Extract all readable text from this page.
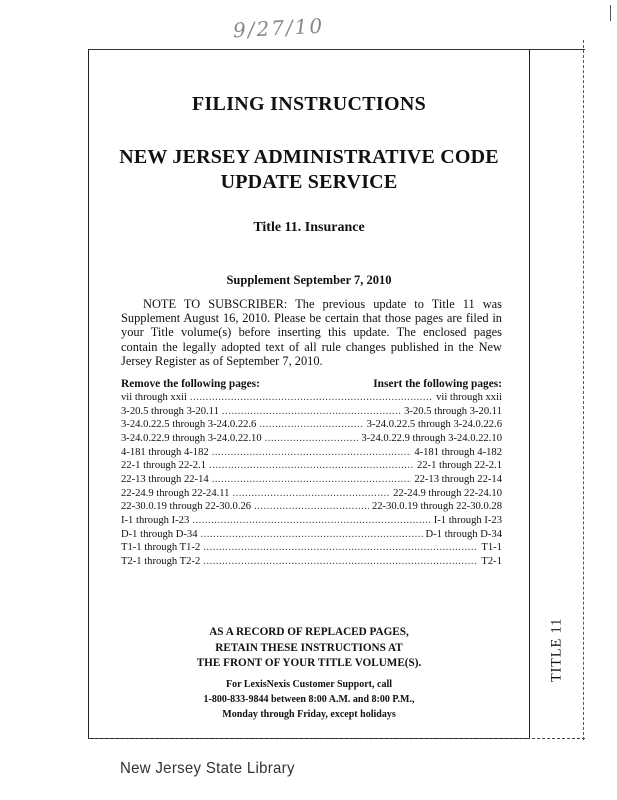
9/27/10
FILING INSTRUCTIONS
NEW JERSEY ADMINISTRATIVE CODE
UPDATE SERVICE
Title 11. Insurance
Supplement September 7, 2010
NOTE TO SUBSCRIBER: The previous update to Title 11 was Supplement August 16, 2010. Please be certain that those pages are filed in your Title volume(s) before inserting this update. The enclosed pages contain the legally adopted text of all rule changes published in the New Jersey Register as of September 7, 2010.
Remove the following pages:	Insert the following pages:
vii through xxii .....	vii through xxii
3-20.5 through 3-20.11 .....	3-20.5 through 3-20.11
3-24.0.22.5 through 3-24.0.22.6 .....	3-24.0.22.5 through 3-24.0.22.6
3-24.0.22.9 through 3-24.0.22.10 .....	3-24.0.22.9 through 3-24.0.22.10
4-181 through 4-182 .....	4-181 through 4-182
22-1 through 22-2.1 .....	22-1 through 22-2.1
22-13 through 22-14 .....	22-13 through 22-14
22-24.9 through 22-24.11 .....	22-24.9 through 22-24.10
22-30.0.19 through 22-30.0.26 .....	22-30.0.19 through 22-30.0.28
I-1 through I-23 .....	I-1 through I-23
D-1 through D-34 .....	D-1 through D-34
T1-1 through T1-2 .....	T1-1
T2-1 through T2-2 .....	T2-1
AS A RECORD OF REPLACED PAGES,
RETAIN THESE INSTRUCTIONS AT
THE FRONT OF YOUR TITLE VOLUME(S).
For LexisNexis Customer Support, call
1-800-833-9844 between 8:00 A.M. and 8:00 P.M.,
Monday through Friday, except holidays
TITLE 11
New Jersey State Library
